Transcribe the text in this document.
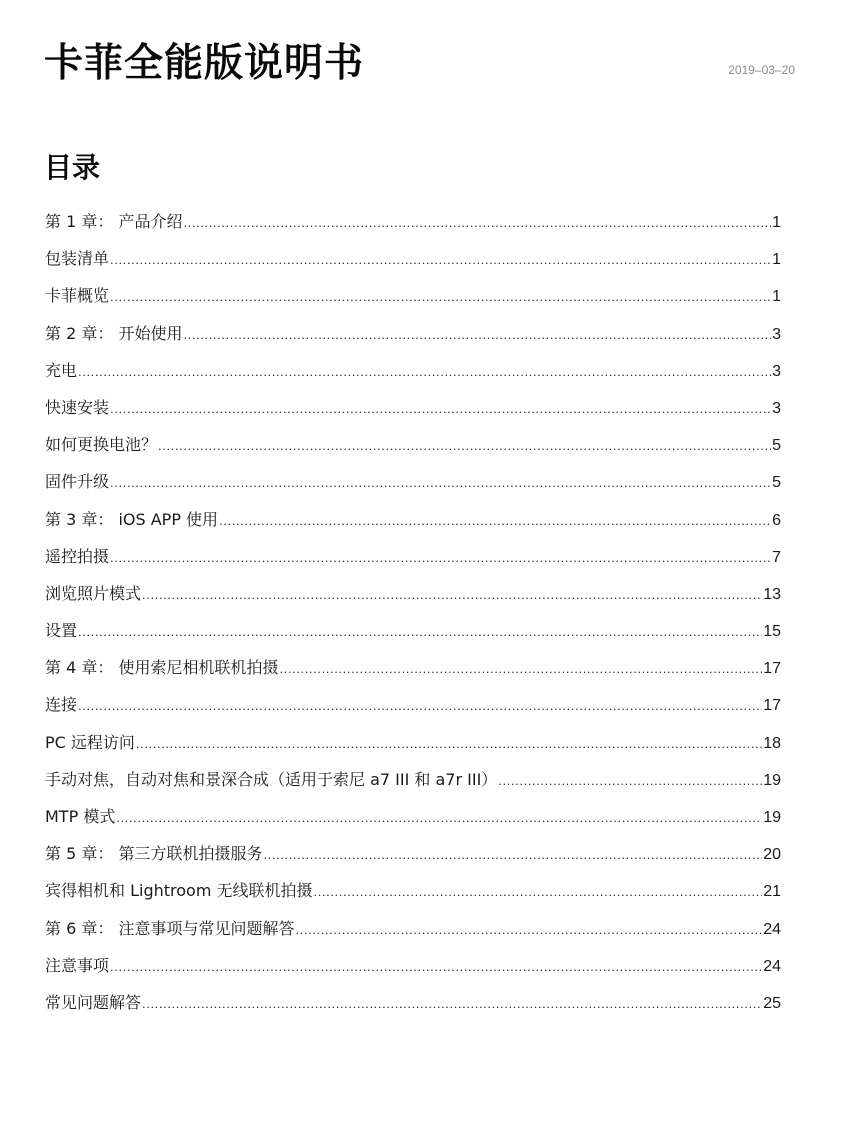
卡菲全能版说明书	2019–03–20
目录
第 1 章： 产品介绍 .....	1
包装清单 .....	1
卡菲概览 .....	1
第 2 章： 开始使用 .....	3
充电 .....	3
快速安装 .....	3
如何更换电池？ .....	5
固件升级 .....	5
第 3 章： iOS APP 使用 .....	6
遥控拍摄 .....	7
浏览照片模式 .....	13
设置 .....	15
第 4 章： 使用索尼相机联机拍摄 .....	17
连接 .....	17
PC 远程访问 .....	18
手动对焦，自动对焦和景深合成（适用于索尼 a7 III 和 a7r III） .....	19
MTP 模式 .....	19
第 5 章： 第三方联机拍摄服务 .....	20
宾得相机和 Lightroom 无线联机拍摄 .....	21
第 6 章： 注意事项与常见问题解答 .....	24
注意事项 .....	24
常见问题解答 .....	25
